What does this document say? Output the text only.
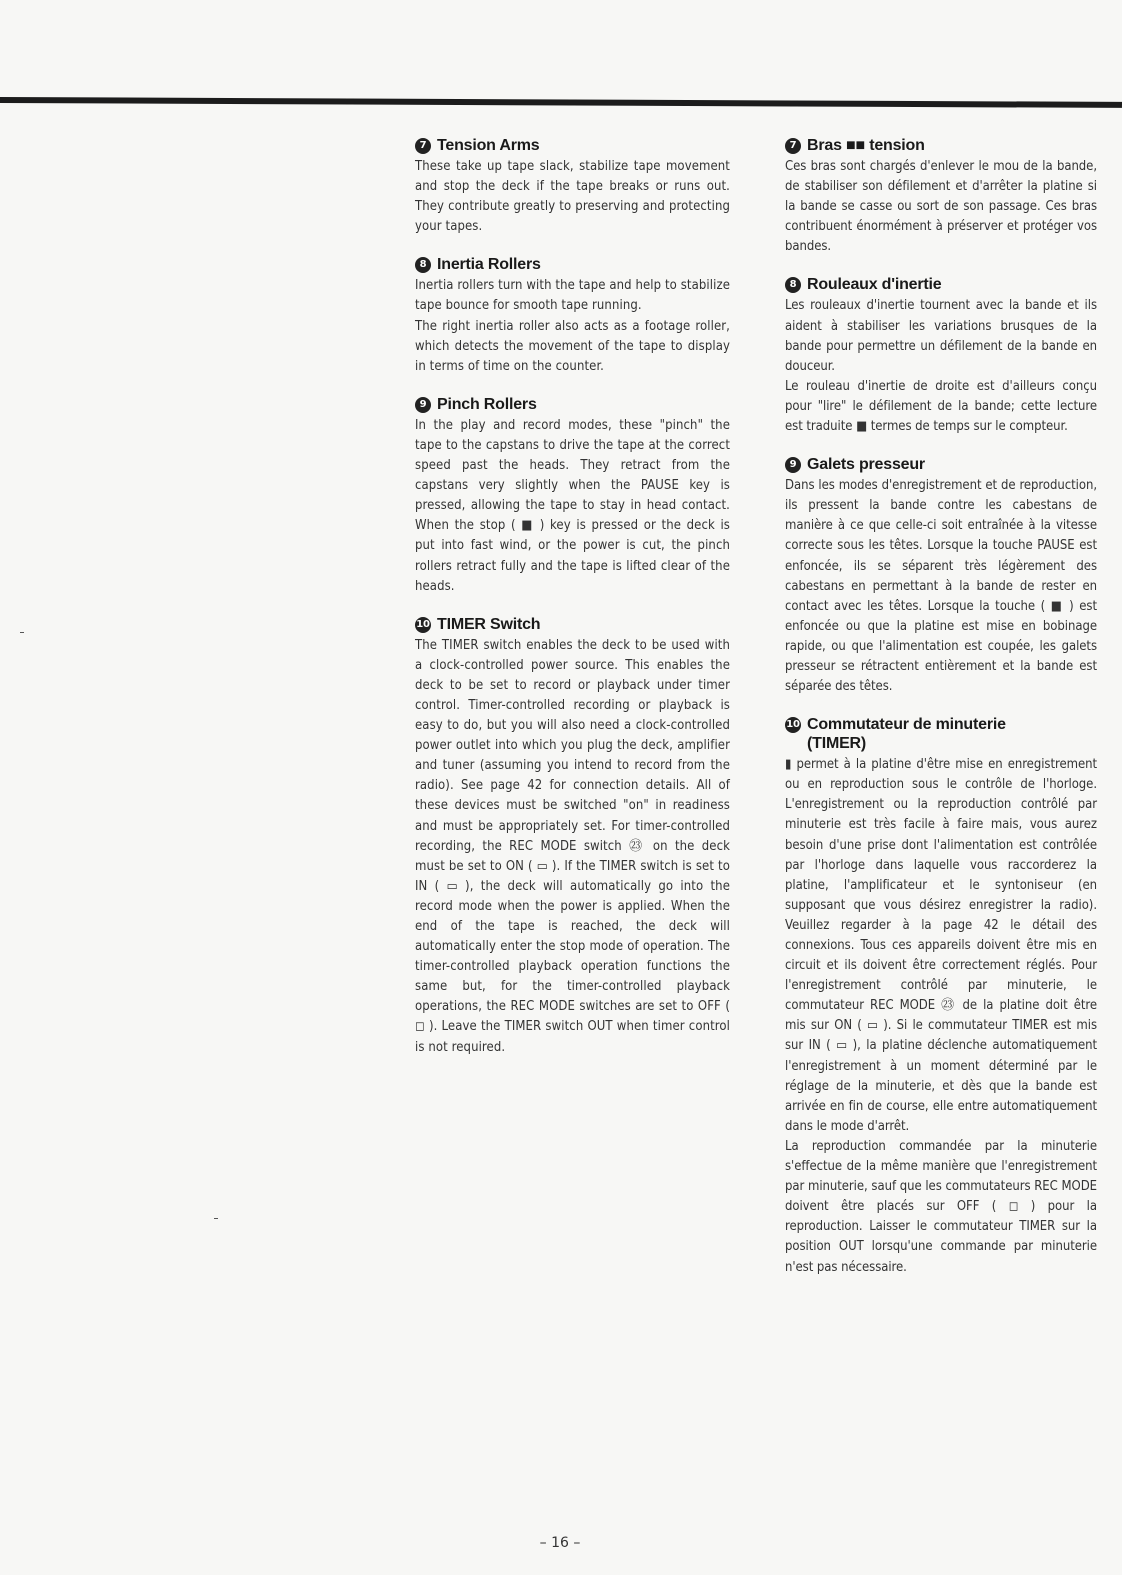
7 Tension Arms

These take up tape slack, stabilize tape movement and stop the deck if the tape breaks or runs out. They contribute greatly to preserving and protecting your tapes.

8 Inertia Rollers

Inertia rollers turn with the tape and help to stabilize tape bounce for smooth tape running.

The right inertia roller also acts as a footage roller, which detects the movement of the tape to display in terms of time on the counter.

9 Pinch Rollers

In the play and record modes, these "pinch" the tape to the capstans to drive the tape at the correct speed past the heads. They retract from the capstans very slightly when the PAUSE key is pressed, allowing the tape to stay in head contact. When the stop ( ■ ) key is pressed or the deck is put into fast wind, or the power is cut, the pinch rollers retract fully and the tape is lifted clear of the heads.

10 TIMER Switch

The TIMER switch enables the deck to be used with a clock-controlled power source. This enables the deck to be set to record or playback under timer control. Timer-controlled recording or playback is easy to do, but you will also need a clock-controlled power outlet into which you plug the deck, amplifier and tuner (assuming you intend to record from the radio). See page 42 for connection details. All of these devices must be switched "on" in readiness and must be appropriately set. For timer-controlled recording, the REC MODE switch ㉓ on the deck must be set to ON ( ▭ ). If the TIMER switch is set to IN ( ▭ ), the deck will automatically go into the record mode when the power is applied. When the end of the tape is reached, the deck will automatically enter the stop mode of operation. The timer-controlled playback operation functions the same but, for the timer-controlled playback operations, the REC MODE switches are set to OFF ( ◻ ). Leave the TIMER switch OUT when timer control is not required.

7 Bras ■■ tension

Ces bras sont chargés d'enlever le mou de la bande, de stabiliser son défilement et d'arrêter la platine si la bande se casse ou sort de son passage. Ces bras contribuent énormément à préserver et protéger vos bandes.

8 Rouleaux d'inertie

Les rouleaux d'inertie tournent avec la bande et ils aident à stabiliser les variations brusques de la bande pour permettre un défilement de la bande en douceur.

Le rouleau d'inertie de droite est d'ailleurs conçu pour "lire" le défilement de la bande; cette lecture est traduite ■ termes de temps sur le compteur.

9 Galets presseur

Dans les modes d'enregistrement et de reproduction, ils pressent la bande contre les cabestans de manière à ce que celle-ci soit entraînée à la vitesse correcte sous les têtes. Lorsque la touche PAUSE est enfoncée, ils se séparent très légèrement des cabestans en permettant à la bande de rester en contact avec les têtes. Lorsque la touche ( ■ ) est enfoncée ou que la platine est mise en bobinage rapide, ou que l'alimentation est coupée, les galets presseur se rétractent entièrement et la bande est séparée des têtes.

10 Commutateur de minuterie
(TIMER)

▮ permet à la platine d'être mise en enregistrement ou en reproduction sous le contrôle de l'horloge. L'enregistrement ou la reproduction contrôlé par minuterie est très facile à faire mais, vous aurez besoin d'une prise dont l'alimentation est contrôlée par l'horloge dans laquelle vous raccorderez la platine, l'amplificateur et le syntoniseur (en supposant que vous désirez enregistrer la radio). Veuillez regarder à la page 42 le détail des connexions. Tous ces appareils doivent être mis en circuit et ils doivent être correctement réglés. Pour l'enregistrement contrôlé par minuterie, le commutateur REC MODE ㉓ de la platine doit être mis sur ON ( ▭ ). Si le commutateur TIMER est mis sur IN ( ▭ ), la platine déclenche automatiquement l'enregistrement à un moment déterminé par le réglage de la minuterie, et dès que la bande est arrivée en fin de course, elle entre automatiquement dans le mode d'arrêt.

La reproduction commandée par la minuterie s'effectue de la même manière que l'enregistrement par minuterie, sauf que les commutateurs REC MODE doivent être placés sur OFF ( ◻ ) pour la reproduction. Laisser le commutateur TIMER sur la position OUT lorsqu'une commande par minuterie n'est pas nécessaire.

– 16 –
